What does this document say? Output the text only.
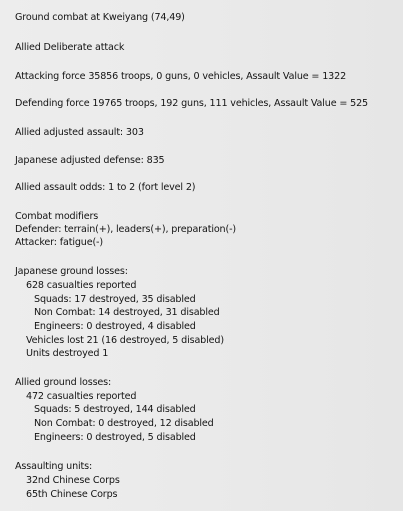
Ground combat at Kweiyang (74,49)
Allied Deliberate attack
Attacking force 35856 troops, 0 guns, 0 vehicles, Assault Value = 1322
Defending force 19765 troops, 192 guns, 111 vehicles, Assault Value = 525
Allied adjusted assault: 303
Japanese adjusted defense: 835
Allied assault odds: 1 to 2 (fort level 2)
Combat modifiers
Defender: terrain(+), leaders(+), preparation(-)
Attacker: fatigue(-)
Japanese ground losses:
628 casualties reported
Squads: 17 destroyed, 35 disabled
Non Combat: 14 destroyed, 31 disabled
Engineers: 0 destroyed, 4 disabled
Vehicles lost 21 (16 destroyed, 5 disabled)
Units destroyed 1
Allied ground losses:
472 casualties reported
Squads: 5 destroyed, 144 disabled
Non Combat: 0 destroyed, 12 disabled
Engineers: 0 destroyed, 5 disabled
Assaulting units:
32nd Chinese Corps
65th Chinese Corps
